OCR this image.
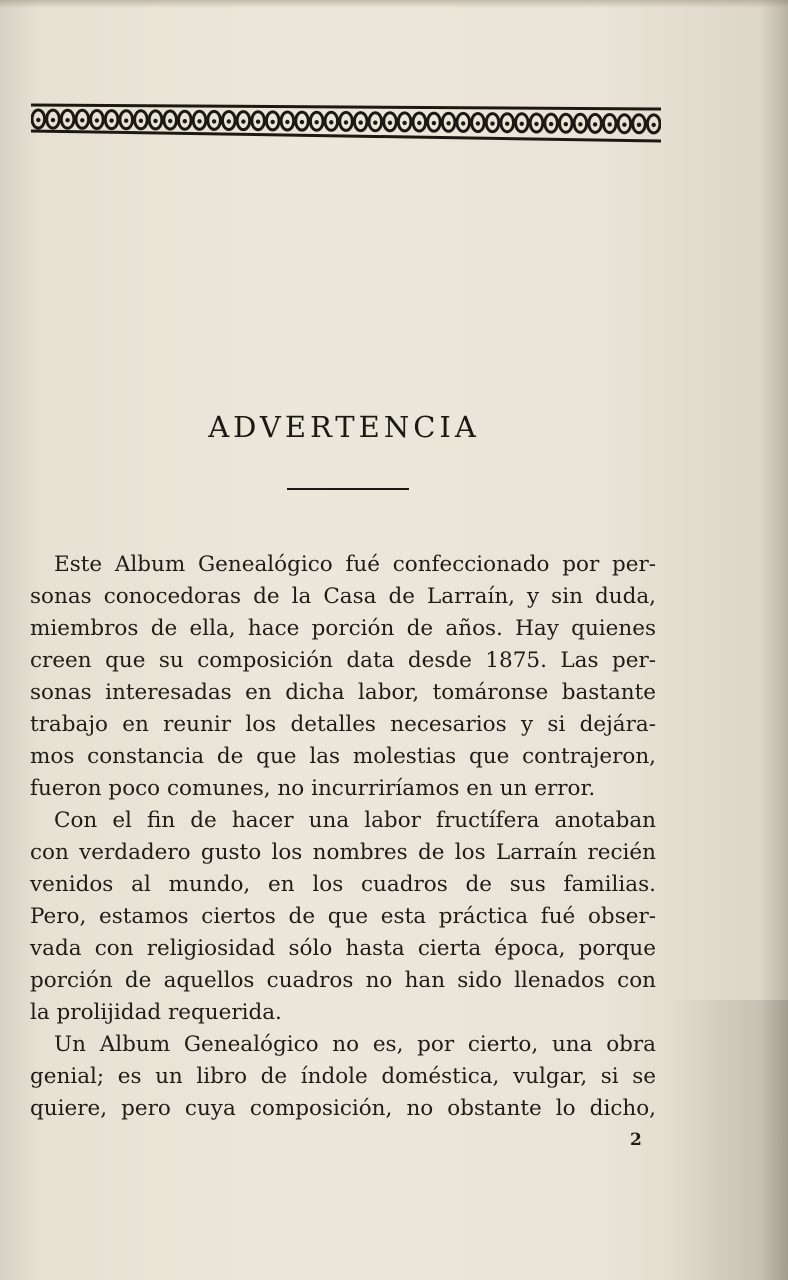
ADVERTENCIA
Este Album Genealógico fué confeccionado por per-
sonas conocedoras de la Casa de Larraín, y sin duda,
miembros de ella, hace porción de años. Hay quienes
creen que su composición data desde 1875. Las per-
sonas interesadas en dicha labor, tomáronse bastante
trabajo en reunir los detalles necesarios y si dejára-
mos constancia de que las molestias que contrajeron,
fueron poco comunes, no incurriríamos en un error.
Con el fin de hacer una labor fructífera anotaban
con verdadero gusto los nombres de los Larraín recién
venidos al mundo, en los cuadros de sus familias.
Pero, estamos ciertos de que esta práctica fué obser-
vada con religiosidad sólo hasta cierta época, porque
porción de aquellos cuadros no han sido llenados con
la prolijidad requerida.
Un Album Genealógico no es, por cierto, una obra
genial; es un libro de índole doméstica, vulgar, si se
quiere, pero cuya composición, no obstante lo dicho,
2
